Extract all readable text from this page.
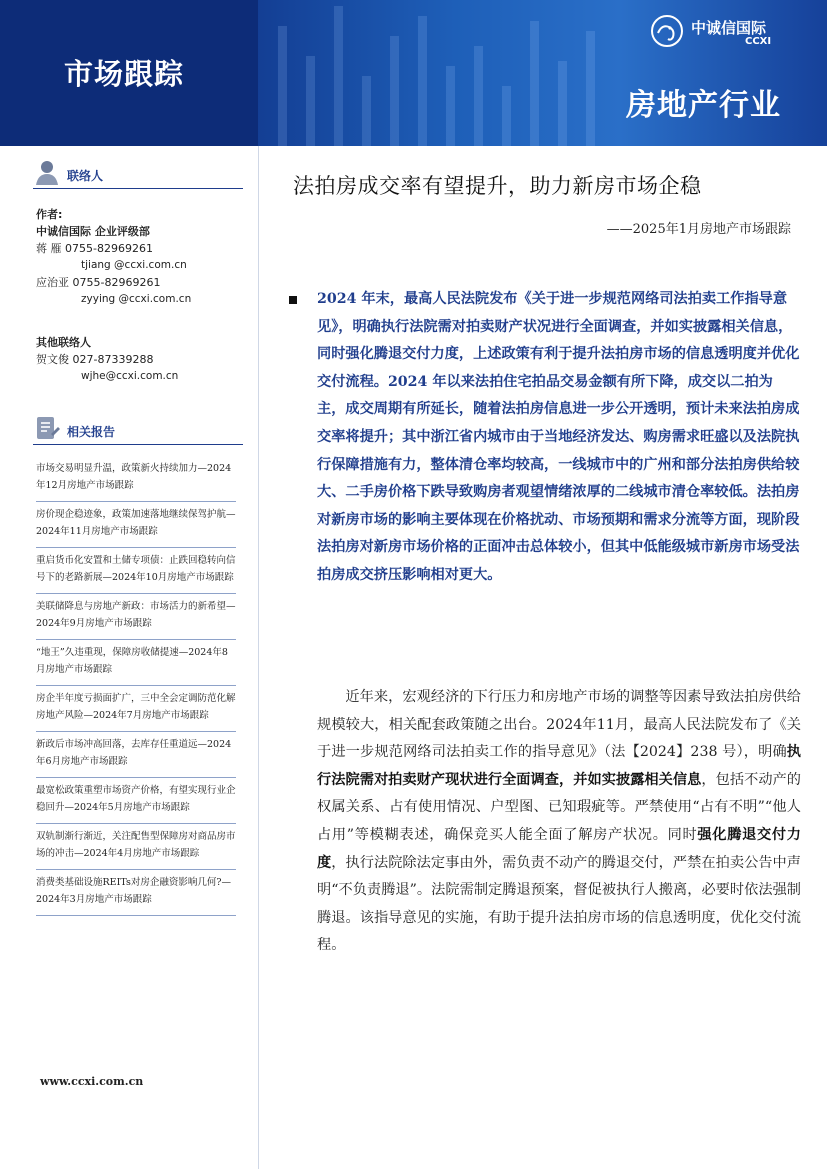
市场跟踪
中诚信国际
CCXI
房地产行业
联络人
作者:
中诚信国际 企业评级部
蒋 雁 0755-82969261
tjiang @ccxi.com.cn
应治亚 0755-82969261
zyying @ccxi.com.cn
其他联络人
贺文俊 027-87339288
wjhe@ccxi.com.cn
相关报告
市场交易明显升温，政策新火持续加力—2024年12月房地产市场跟踪
房价现企稳迹象，政策加速落地继续保驾护航—2024年11月房地产市场跟踪
重启货币化安置和土储专项债：止跌回稳转向信号下的老路新展—2024年10月房地产市场跟踪
美联储降息与房地产新政：市场活力的新希望—2024年9月房地产市场跟踪
“地王”久违重现，保障房收储提速—2024年8月房地产市场跟踪
房企半年度亏损面扩广，三中全会定调防范化解房地产风险—2024年7月房地产市场跟踪
新政后市场冲高回落，去库存任重道远—2024年6月房地产市场跟踪
最宽松政策重塑市场资产价格，有望实现行业企稳回升—2024年5月房地产市场跟踪
双轨制渐行渐近，关注配售型保障房对商品房市场的冲击—2024年4月房地产市场跟踪
消费类基础设施REITs对房企融资影响几何?—2024年3月房地产市场跟踪
www.ccxi.com.cn
法拍房成交率有望提升，助力新房市场企稳
——2025年1月房地产市场跟踪
2024 年末，最高人民法院发布《关于进一步规范网络司法拍卖工作指导意见》，明确执行法院需对拍卖财产状况进行全面调查，并如实披露相关信息，同时强化腾退交付力度，上述政策有利于提升法拍房市场的信息透明度并优化交付流程。2024 年以来法拍住宅拍品交易金额有所下降，成交以二拍为主，成交周期有所延长，随着法拍房信息进一步公开透明，预计未来法拍房成交率将提升；其中浙江省内城市由于当地经济发达、购房需求旺盛以及法院执行保障措施有力，整体清仓率均较高，一线城市中的广州和部分法拍房供给较大、二手房价格下跌导致购房者观望情绪浓厚的二线城市清仓率较低。法拍房对新房市场的影响主要体现在价格扰动、市场预期和需求分流等方面，现阶段法拍房对新房市场价格的正面冲击总体较小，但其中低能级城市新房市场受法拍房成交挤压影响相对更大。
近年来，宏观经济的下行压力和房地产市场的调整等因素导致法拍房供给规模较大，相关配套政策随之出台。2024年11月，最高人民法院发布了《关于进一步规范网络司法拍卖工作的指导意见》（法【2024】238 号），明确执行法院需对拍卖财产现状进行全面调查，并如实披露相关信息，包括不动产的权属关系、占有使用情况、户型图、已知瑕疵等。严禁使用“占有不明”“他人占用”等模糊表述，确保竞买人能全面了解房产状况。同时强化腾退交付力度，执行法院除法定事由外，需负责不动产的腾退交付，严禁在拍卖公告中声明“不负责腾退”。法院需制定腾退预案，督促被执行人搬离，必要时依法强制腾退。该指导意见的实施，有助于提升法拍房市场的信息透明度，优化交付流程。
